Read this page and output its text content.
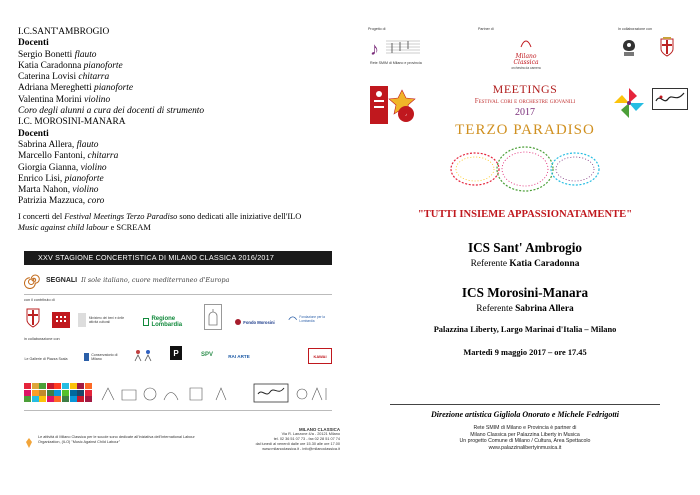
I.C.SANT'AMBROGIO
Docenti
Sergio Bonetti flauto
Katia Caradonna pianoforte
Caterina Lovisi chitarra
Adriana Mereghetti pianoforte
Valentina Morini violino
Coro degli alunni a cura dei docenti di strumento
I.C. MOROSINI-MANARA
Docenti
Sabrina Allera, flauto
Marcello Fantoni, chitarra
Giorgia Gianna, violino
Enrico Lisi, pianoforte
Marta Nahon, violino
Patrizia Mazzuca, coro
I concerti del Festival Meetings Terzo Paradiso sono dedicati alle iniziative dell'ILO
Music against child labour e SCREAM
XXV STAGIONE CONCERTISTICA DI MILANO CLASSICA 2016/2017
SEGNALI Il sole italiano, cuore mediterraneo d'Europa
con il contributo di
Ministero dei beni e delle attività culturali	Regione Lombardia	Fondo Morosini
Fondazione per la Lombardia
in collaborazione con
Le Gallerie di Piazza Scala
Conservatorio di Milano
P	SPV	RAI ARTE	KAWAI
Le attività di Milano Classica per le scuole sono dedicate all'iniziativa dell'International Labour Organization, (ILO) "Music Against Child Labour"
MILANO CLASSICA
Via R. Lanzone 4/a - 20121 Milano
tel. 02 36 51 07 73 - fax 02 28 51 07 74
dal lunedì al venerdì dalle ore 15.30 alle ore 17.00
www.milanoclassica.it - info@milanoclassica.it
Progetto di
♪
Rete SMIM di Milano e provincia
Partner di
Milano Classica
orchestra da camera
In collaborazione con
♪
MEETINGS
Festival cori e orchestre giovanili
2017
TERZO PARADISO
"TUTTI INSIEME APPASSIONATAMENTE"
ICS Sant' Ambrogio
Referente Katia Caradonna
ICS Morosini-Manara
Referente Sabrina Allera
Palazzina Liberty, Largo Marinai d'Italia – Milano
Martedì 9 maggio 2017 – ore 17.45
Direzione artistica Gigliola Onorato e Michele Fedrigotti
Rete SMIM di Milano e Provincia è partner di
Milano Classica per Palazzina Liberty in Musica
Un progetto Comune di Milano / Cultura, Area Spettacolo
www.palazzinalibertyinmusica.it
